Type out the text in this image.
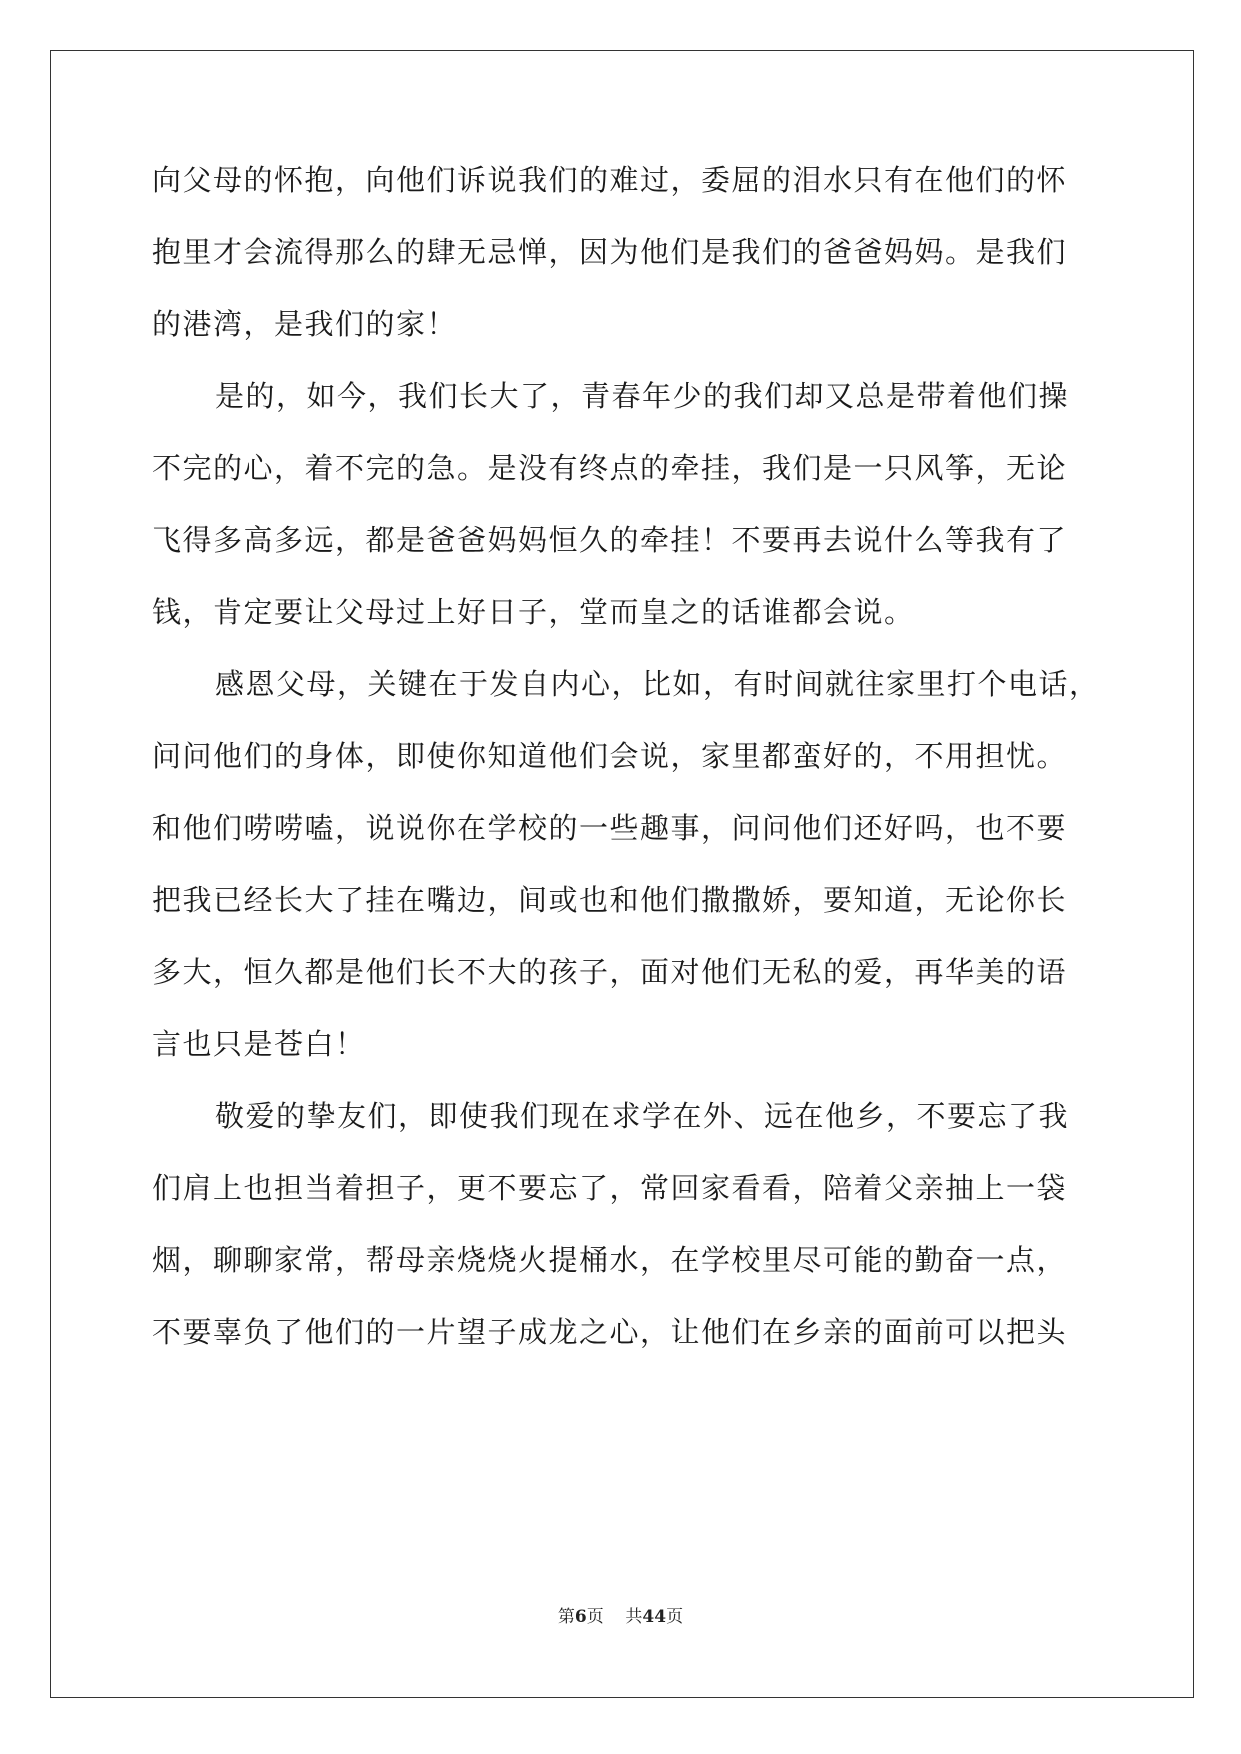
向父母的怀抱，向他们诉说我们的难过，委屈的泪水只有在他们的怀
抱里才会流得那么的肆无忌惮，因为他们是我们的爸爸妈妈。是我们
的港湾，是我们的家！
是的，如今，我们长大了，青春年少的我们却又总是带着他们操
不完的心，着不完的急。是没有终点的牵挂，我们是一只风筝，无论
飞得多高多远，都是爸爸妈妈恒久的牵挂！不要再去说什么等我有了
钱，肯定要让父母过上好日子，堂而皇之的话谁都会说。
感恩父母，关键在于发自内心，比如，有时间就往家里打个电话，
问问他们的身体，即使你知道他们会说，家里都蛮好的，不用担忧。
和他们唠唠嗑，说说你在学校的一些趣事，问问他们还好吗，也不要
把我已经长大了挂在嘴边，间或也和他们撒撒娇，要知道，无论你长
多大，恒久都是他们长不大的孩子，面对他们无私的爱，再华美的语
言也只是苍白！
敬爱的挚友们，即使我们现在求学在外、远在他乡，不要忘了我
们肩上也担当着担子，更不要忘了，常回家看看，陪着父亲抽上一袋
烟，聊聊家常，帮母亲烧烧火提桶水，在学校里尽可能的勤奋一点，
不要辜负了他们的一片望子成龙之心，让他们在乡亲的面前可以把头
第6页 共44页
